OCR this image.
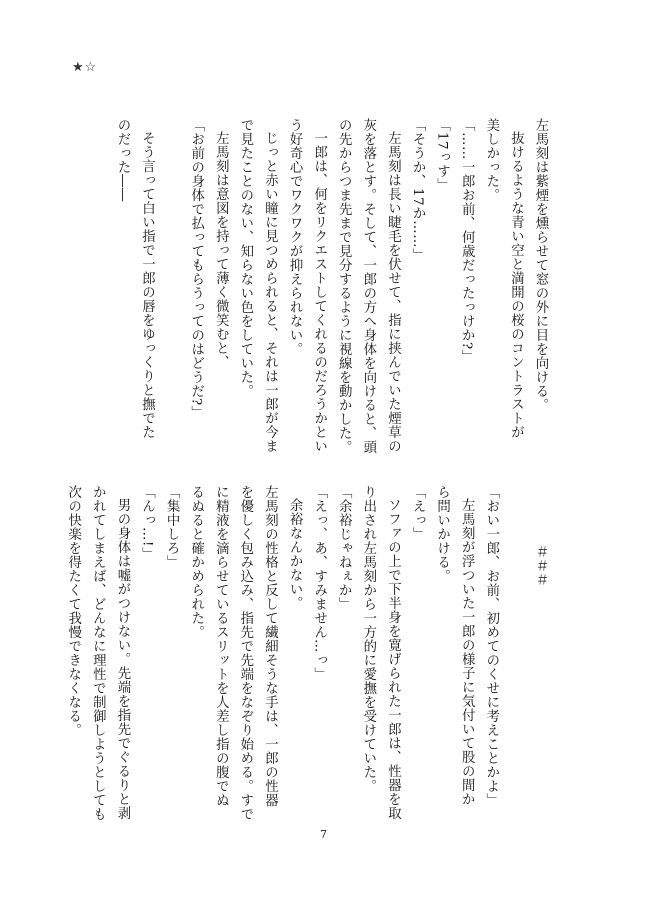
★☆
左馬刻は紫煙を燻らせて窓の外に目を向ける。
抜けるような青い空と満開の桜のコントラストが
美しかった。
「……一郎お前、何歳だったっけか?」
「17っす」
「そうか、17か……」
左馬刻は長い睫毛を伏せて、指に挟んでいた煙草の
灰を落とす。そして、一郎の方へ身体を向けると、頭
の先からつま先まで見分するように視線を動かした。
一郎は、何をリクエストしてくれるのだろうかとい
う好奇心でワクワクが抑えられない。
じっと赤い瞳に見つめられると、それは一郎が今ま
で見たことのない、知らない色をしていた。
左馬刻は意図を持って薄く微笑むと、
「お前の身体で払ってもらうってのはどうだ?」
そう言って白い指で一郎の唇をゆっくりと撫でた
のだった――
＃＃＃
「おい一郎、お前、初めてのくせに考えことかよ」
左馬刻が浮ついた一郎の様子に気付いて股の間か
ら問いかける。
「えっ」
ソファの上で下半身を寛げられた一郎は、性器を取
り出され左馬刻から一方的に愛撫を受けていた。
「余裕じゃねぇか」
「えっ、あ、すみません…っ」
余裕なんかない。
左馬刻の性格と反して繊細そうな手は、一郎の性器
を優しく包み込み、指先で先端をなぞり始める。すで
に精液を滴らせているスリットを人差し指の腹でぬ
るぬると確かめられた。
「集中しろ」
「んっ…!」
男の身体は嘘がつけない。先端を指先でぐるりと剥
かれてしまえば、どんなに理性で制御しようとしても
次の快楽を得たくて我慢できなくなる。
7
